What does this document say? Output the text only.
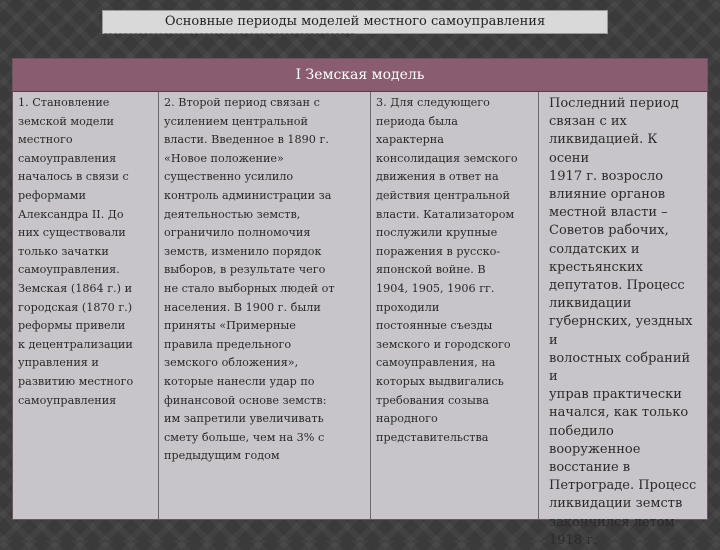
Основные периоды моделей местного самоуправления
I Земская модель
1. Становление
земской модели
местного
самоуправления
началось в связи с
реформами
Александра II. До
них существовали
только зачатки
самоуправления.
Земская (1864 г.) и
городская (1870 г.)
реформы привели
к децентрализации
управления и
развитию местного
самоуправления
2. Второй период связан с
усилением центральной
власти. Введенное в 1890 г.
«Новое положение»
существенно усилило
контроль администрации за
деятельностью земств,
ограничило полномочия
земств, изменило порядок
выборов, в результате чего
не стало выборных людей от
населения. В 1900 г. были
приняты «Примерные
правила предельного
земского обложения»,
которые нанесли удар по
финансовой основе земств:
им запретили увеличивать
смету больше, чем на 3% с
предыдущим годом
3. Для следующего
периода была
характерна
консолидация земского
движения в ответ на
действия центральной
власти. Катализатором
послужили крупные
поражения в русско-
японской войне. В
1904, 1905, 1906 гг.
проходили
постоянные съезды
земского и городского
самоуправления, на
которых выдвигались
требования созыва
народного
представительства
Последний период
связан с их
ликвидацией. К осени
1917 г. возросло
влияние органов
местной власти –
Советов рабочих,
солдатских и
крестьянских
депутатов. Процесс
ликвидации
губернских, уездных и
волостных собраний и
управ практически
начался, как только
победило
вооруженное
восстание в
Петрограде. Процесс
ликвидации земств
закончился летом
1918 г.
